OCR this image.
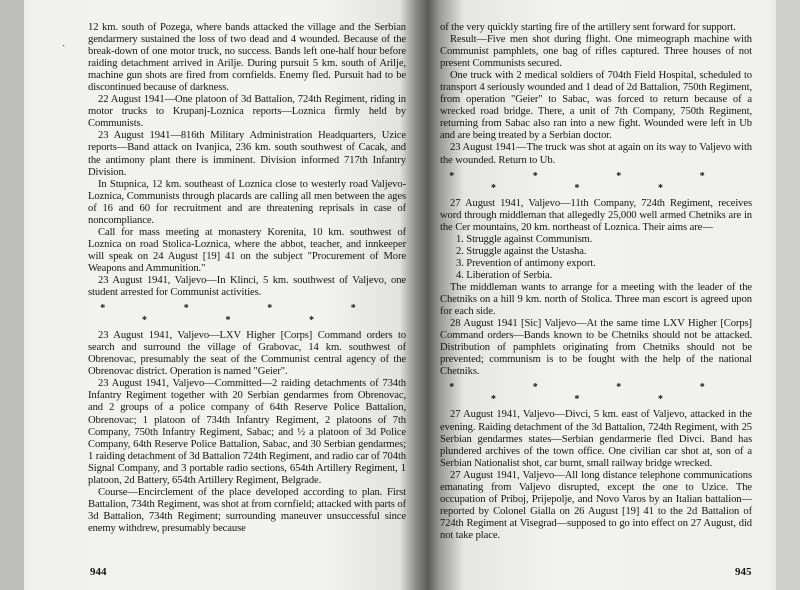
ˎ

12 km. south of Pozega, where bands attacked the village and the Serbian gendarmery sustained the loss of two dead and 4 wounded. Because of the break-down of one motor truck, no success. Bands left one-half hour before raiding detachment arrived in Arilje. During pursuit 5 km. south of Arilje, machine gun shots are fired from cornfields. Enemy fled. Pursuit had to be discontinued because of darkness.

22 August 1941—One platoon of 3d Battalion, 724th Regiment, riding in motor trucks to Krupanj-Loznica reports—Loznica firmly held by Communists.

23 August 1941—816th Military Administration Headquarters, Uzice reports—Band attack on Ivanjica, 236 km. south southwest of Cacak, and the antimony plant there is imminent. Division informed 717th Infantry Division.

In Stupnica, 12 km. southeast of Loznica close to westerly road Valjevo-Loznica, Communists through placards are calling all men between the ages of 16 and 60 for recruitment and are threatening reprisals in case of noncompliance.

Call for mass meeting at monastery Korenita, 10 km. southwest of Loznica on road Stolica-Loznica, where the abbot, teacher, and innkeeper will speak on 24 August [19] 41 on the subject "Procurement of More Weapons and Ammunition."

23 August 1941, Valjevo—In Klinci, 5 km. southwest of Valjevo, one student arrested for Communist activities.

* * * * * * *

23 August 1941, Valjevo—LXV Higher [Corps] Command orders to search and surround the village of Grabovac, 14 km. southwest of Obrenovac, presumably the seat of the Communist central agency of the Obrenovac district. Operation is named "Geier".

23 August 1941, Valjevo—Committed—2 raiding detachments of 734th Infantry Regiment together with 20 Serbian gendarmes from Obrenovac, and 2 groups of a police company of 64th Reserve Police Battalion, Obrenovac; 1 platoon of 734th Infantry Regiment, 2 platoons of 7th Company, 750th Infantry Regiment, Sabac; and ½ a platoon of 3d Police Company, 64th Reserve Police Battalion, Sabac, and 30 Serbian gendarmes; 1 raiding detachment of 3d Battalion 724th Regiment, and radio car of 704th Signal Company, and 3 portable radio sections, 654th Artillery Regiment, 1 platoon, 2d Battery, 654th Artillery Regiment, Belgrade.

Course—Encirclement of the place developed according to plan. First Battalion, 734th Regiment, was shot at from cornfield; attacked with parts of 3d Battalion, 734th Regiment; surrounding maneuver unsuccessful since enemy withdrew, presumably because

of the very quickly starting fire of the artillery sent forward for support.

Result—Five men shot during flight. One mimeograph machine with Communist pamphlets, one bag of rifles captured. Three houses of not present Communists secured.

One truck with 2 medical soldiers of 704th Field Hospital, scheduled to transport 4 seriously wounded and 1 dead of 2d Battalion, 750th Regiment, from operation "Geier" to Sabac, was forced to return because of a wrecked road bridge. There, a unit of 7th Company, 750th Regiment, returning from Sabac also ran into a new fight. Wounded were left in Ub and are being treated by a Serbian doctor.

23 August 1941—The truck was shot at again on its way to Valjevo with the wounded. Return to Ub.

* * * * * * *

27 August 1941, Valjevo—11th Company, 724th Regiment, receives word through middleman that allegedly 25,000 well armed Chetniks are in the Cer mountains, 20 km. northeast of Loznica. Their aims are—

1. Struggle against Communism.
2. Struggle against the Ustasha.
3. Prevention of antimony export.
4. Liberation of Serbia.

The middleman wants to arrange for a meeting with the leader of the Chetniks on a hill 9 km. north of Stolica. Three man escort is agreed upon for each side.

28 August 1941 [Sic] Valjevo—At the same time LXV Higher [Corps] Command orders—Bands known to be Chetniks should not be attacked. Distribution of pamphlets originating from Chetniks should not be prevented; communism is to be fought with the help of the national Chetniks.

* * * * * * *

27 August 1941, Valjevo—Divci, 5 km. east of Valjevo, attacked in the evening. Raiding detachment of the 3d Battalion, 724th Regiment, with 25 Serbian gendarmes states—Serbian gendarmerie fled Divci. Band has plundered archives of the town office. One civilian car shot at, son of a Serbian Nationalist shot, car burnt, small railway bridge wrecked.

27 August 1941, Valjevo—All long distance telephone communications emanating from Valjevo disrupted, except the one to Uzice. The occupation of Priboj, Prijepolje, and Novo Varos by an Italian battalion—reported by Colonel Gialla on 26 August [19] 41 to the 2d Battalion of 724th Regiment at Visegrad—supposed to go into effect on 27 August, did not take place.

944	945
